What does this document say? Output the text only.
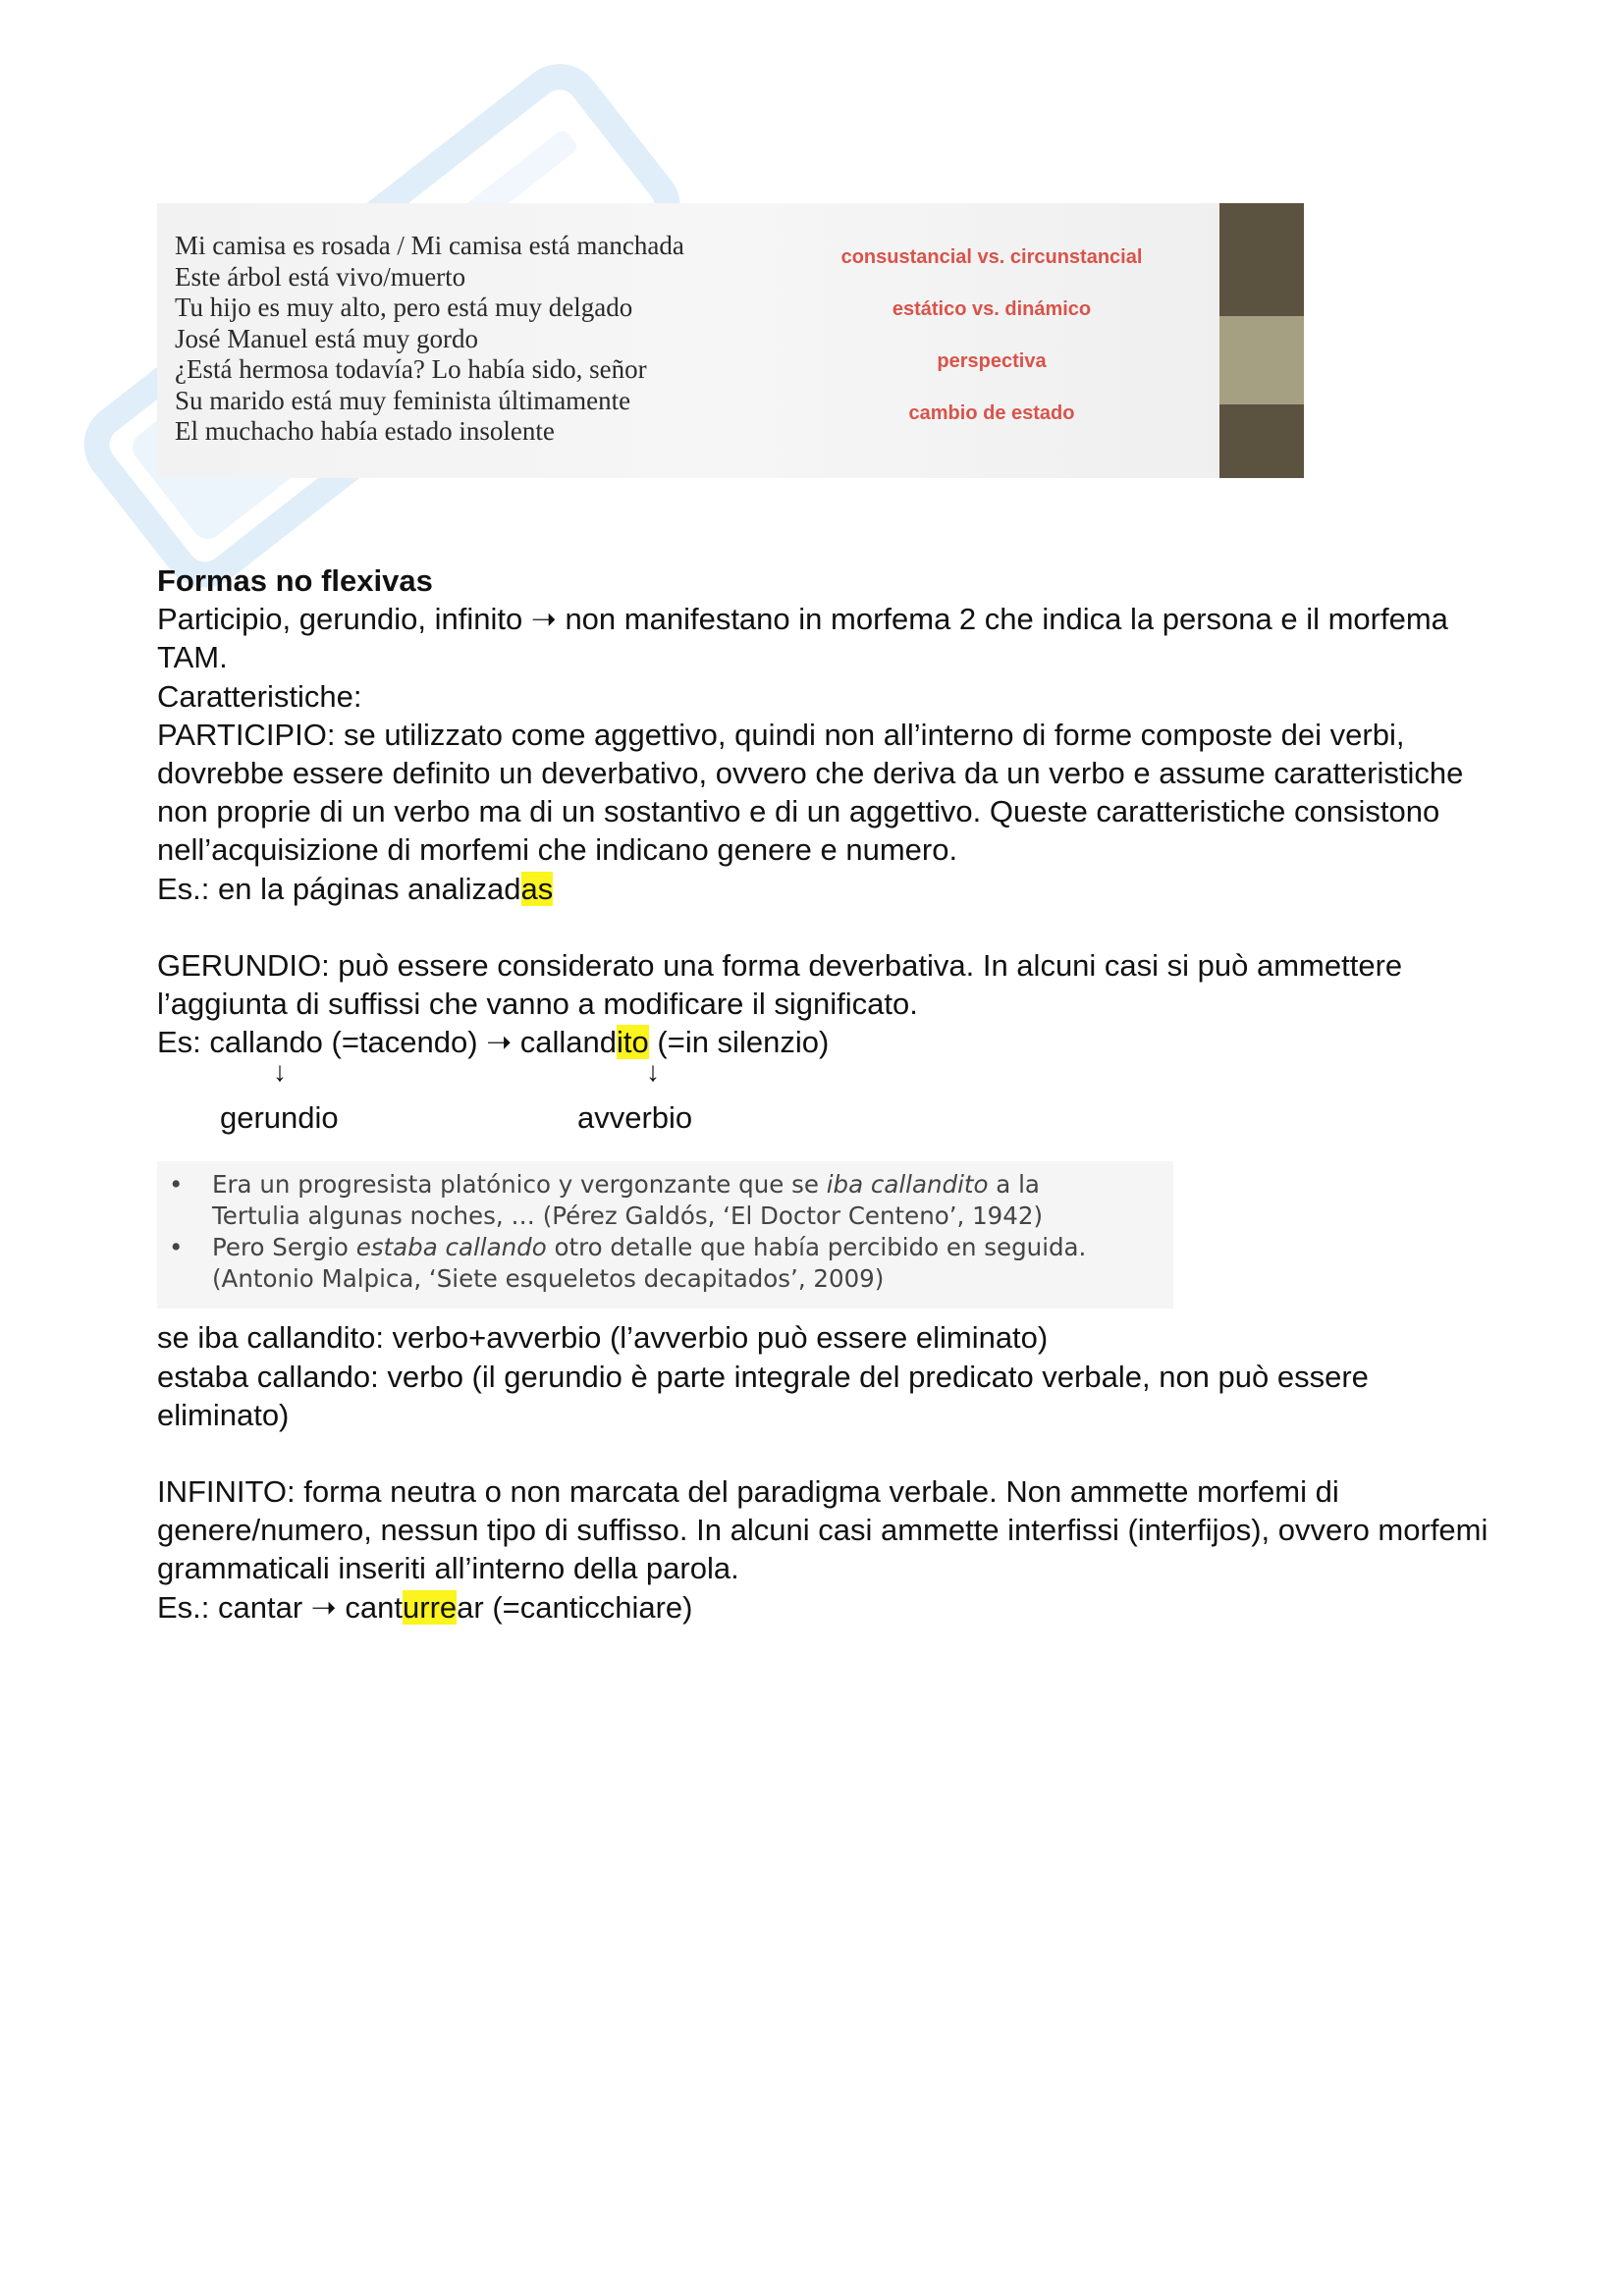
Mi camisa es rosada / Mi camisa está manchada
Este árbol está vivo/muerto
Tu hijo es muy alto, pero está muy delgado
José Manuel está muy gordo
¿Está hermosa todavía? Lo había sido, señor
Su marido está muy feminista últimamente
El muchacho había estado insolente
consustancial vs. circunstancial
estático vs. dinámico
perspectiva
cambio de estado

Formas no flexivas

Participio, gerundio, infinito ➝ non manifestano in morfema 2 che indica la persona e il morfema TAM.

Caratteristiche:

PARTICIPIO: se utilizzato come aggettivo, quindi non all’interno di forme composte dei verbi, dovrebbe essere definito un deverbativo, ovvero che deriva da un verbo e assume caratteristiche non proprie di un verbo ma di un sostantivo e di un aggettivo. Queste caratteristiche consistono nell’acquisizione di morfemi che indicano genere e numero.

Es.: en la páginas analizadas

GERUNDIO: può essere considerato una forma deverbativa. In alcuni casi si può ammettere l’aggiunta di suffissi che vanno a modificare il significato.

Es: callando (=tacendo) ➝ callandito (=in silenzio)

↓	↓
gerundio	avverbio
• Era un progresista platónico y vergonzante que se iba callandito a la
Tertulia algunas noches, … (Pérez Galdós, ‘El Doctor Centeno’, 1942)
• Pero Sergio estaba callando otro detalle que había percibido en seguida.
(Antonio Malpica, ‘Siete esqueletos decapitados’, 2009)

se iba callandito: verbo+avverbio (l’avverbio può essere eliminato)

estaba callando: verbo (il gerundio è parte integrale del predicato verbale, non può essere eliminato)

INFINITO: forma neutra o non marcata del paradigma verbale. Non ammette morfemi di genere/numero, nessun tipo di suffisso. In alcuni casi ammette interfissi (interfijos), ovvero morfemi grammaticali inseriti all’interno della parola.

Es.: cantar ➝ canturrear (=canticchiare)
